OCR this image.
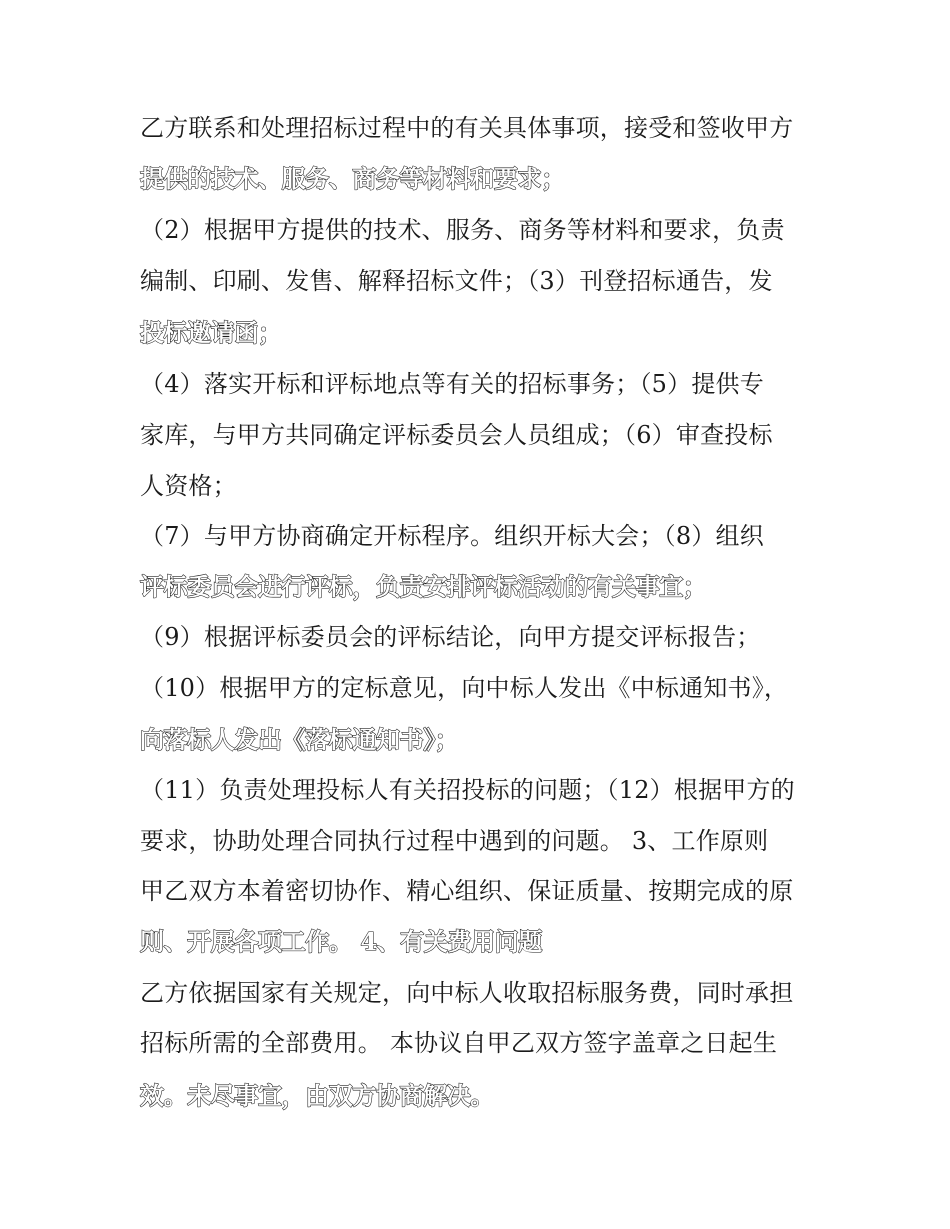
乙方联系和处理招标过程中的有关具体事项，接受和签收甲方
提供的技术、服务、商务等材料和要求；
（2）根据甲方提供的技术、服务、商务等材料和要求，负责
编制、印刷、发售、解释招标文件；（3）刊登招标通告，发
投标邀请函；
（4）落实开标和评标地点等有关的招标事务；（5）提供专
家库，与甲方共同确定评标委员会人员组成；（6）审查投标
人资格；
（7）与甲方协商确定开标程序。组织开标大会；（8）组织
评标委员会进行评标，负责安排评标活动的有关事宜；
（9）根据评标委员会的评标结论，向甲方提交评标报告；
（10）根据甲方的定标意见，向中标人发出《中标通知书》，
向落标人发出《落标通知书》；
（11）负责处理投标人有关招投标的问题；（12）根据甲方的
要求，协助处理合同执行过程中遇到的问题。 3、工作原则
甲乙双方本着密切协作、精心组织、保证质量、按期完成的原
则、开展各项工作。 4、有关费用问题
乙方依据国家有关规定，向中标人收取招标服务费，同时承担
招标所需的全部费用。 本协议自甲乙双方签字盖章之日起生
效。未尽事宜，由双方协商解决。
